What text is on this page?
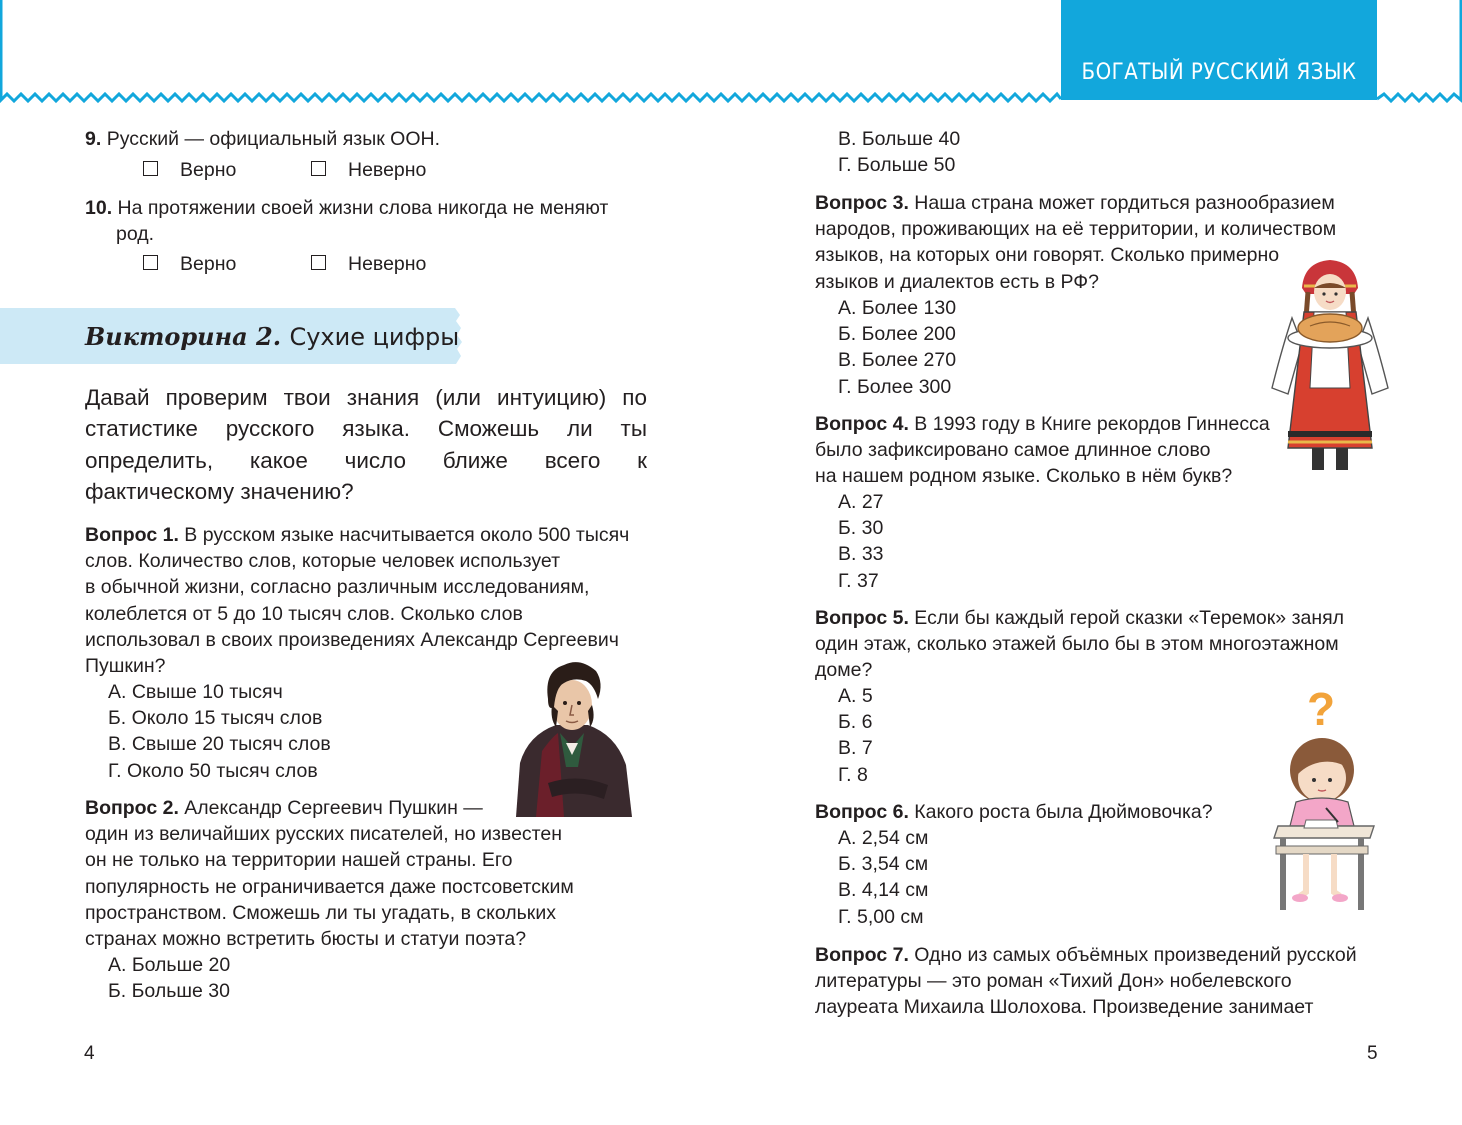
БОГАТЫЙ РУССКИЙ ЯЗЫК

9. Русский — официальный язык ООН.

Верно	Неверно

10. На протяжении своей жизни слова никогда не меняют

род.

Верно	Неверно
Викторина 2. Сухие цифры

Давай проверим твои знания (или интуицию) по статистике русского языка. Сможешь ли ты определить, какое число ближе всего к фактическому значению?

Вопрос 1. В русском языке насчитывается около 500 тысяч

слов. Количество слов, которые человек использует

в обычной жизни, согласно различным исследованиям,

колеблется от 5 до 10 тысяч слов. Сколько слов

использовал в своих произведениях Александр Сергеевич

Пушкин?

А. Свыше 10 тысяч
Б. Около 15 тысяч слов
В. Свыше 20 тысяч слов
Г. Около 50 тысяч слов

Вопрос 2. Александр Сергеевич Пушкин —

один из величайших русских писателей, но известен

он не только на территории нашей страны. Его

популярность не ограничивается даже постсоветским

пространством. Сможешь ли ты угадать, в скольких

странах можно встретить бюсты и статуи поэта?

А. Больше 20
Б. Больше 30
4
В. Больше 40
Г. Больше 50

Вопрос 3. Наша страна может гордиться разнообразием

народов, проживающих на её территории, и количеством

языков, на которых они говорят. Сколько примерно

языков и диалектов есть в РФ?

А. Более 130
Б. Более 200
В. Более 270
Г. Более 300

Вопрос 4. В 1993 году в Книге рекордов Гиннесса

было зафиксировано самое длинное слово

на нашем родном языке. Сколько в нём букв?

А. 27
Б. 30
В. 33
Г. 37

Вопрос 5. Если бы каждый герой сказки «Теремок» занял

один этаж, сколько этажей было бы в этом многоэтажном

доме?

А. 5
Б. 6
В. 7
Г. 8
?

Вопрос 6. Какого роста была Дюймовочка?

А. 2,54 см
Б. 3,54 см
В. 4,14 см
Г. 5,00 см

Вопрос 7. Одно из самых объёмных произведений русской

литературы — это роман «Тихий Дон» нобелевского

лауреата Михаила Шолохова. Произведение занимает

5
